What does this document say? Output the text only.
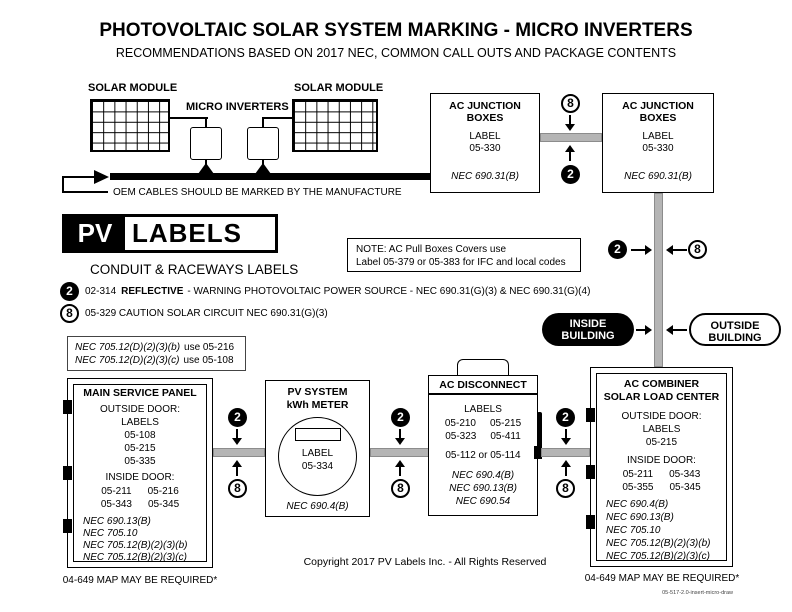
PHOTOVOLTAIC SOLAR SYSTEM MARKING - MICRO INVERTERS
RECOMMENDATIONS BASED ON 2017 NEC, COMMON CALL OUTS AND PACKAGE CONTENTS
SOLAR MODULE
MICRO INVERTERS
SOLAR MODULE
OEM CABLES SHOULD BE MARKED BY THE MANUFACTURE
AC JUNCTION
BOXES
LABEL
05-330
NEC 690.31(B)
8
2
AC JUNCTION
BOXES
LABEL
05-330
NEC 690.31(B)
2	8
INSIDE
BUILDING
OUTSIDE
BUILDING
PV LABELS
NOTE: AC Pull Boxes Covers use
Label 05-379 or 05-383 for IFC and local codes
CONDUIT & RACEWAYS LABELS
2	02-314 REFLECTIVE - WARNING PHOTOVOLTAIC POWER SOURCE - NEC 690.31(G)(3) & NEC 690.31(G)(4)
8	05-329 CAUTION SOLAR CIRCUIT NEC 690.31(G)(3)
NEC 705.12(D)(2)(3)(b) use 05-216
NEC 705.12(D)(2)(3)(c) use 05-108
MAIN SERVICE PANEL
OUTSIDE DOOR:
LABELS
05-108
05-215
05-335
INSIDE DOOR:
05-211 05-216
05-343 05-345
NEC 690.13(B)
NEC 705.10
NEC 705.12(B)(2)(3)(b)
NEC 705.12(B)(2)(3)(c)
04-649 MAP MAY BE REQUIRED*
2
8
PV SYSTEM
kWh METER
LABEL
05-334
NEC 690.4(B)
2
8
AC DISCONNECT
LABELS
05-210 05-215
05-323 05-411
05-112 or 05-114
NEC 690.4(B)
NEC 690.13(B)
NEC 690.54
2
8
AC COMBINER
SOLAR LOAD CENTER
OUTSIDE DOOR:
LABELS
05-215
INSIDE DOOR:
05-211 05-343
05-355 05-345
NEC 690.4(B)
NEC 690.13(B)
NEC 705.10
NEC 705.12(B)(2)(3)(b)
NEC 705.12(B)(2)(3)(c)
04-649 MAP MAY BE REQUIRED*
Copyright 2017 PV Labels Inc. - All Rights Reserved
05-517-2.0-insert-micro-draw
